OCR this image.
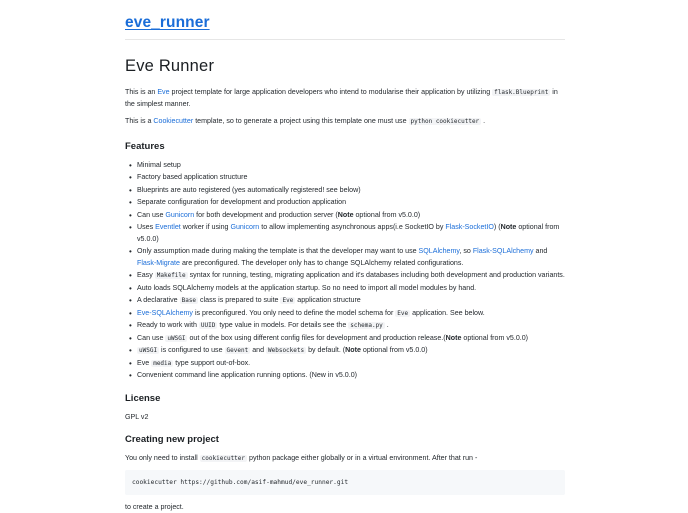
eve_runner
Eve Runner

This is an Eve project template for large application developers who intend to modularise their application by utilizing flask.Blueprint in the simplest manner.

This is a Cookiecutter template, so to generate a project using this template one must use python cookiecutter .

Features
• Minimal setup
• Factory based application structure
• Blueprints are auto registered (yes automatically registered! see below)
• Separate configuration for development and production application
• Can use Gunicorn for both development and production server (Note optional from v5.0.0)
• Uses Eventlet worker if using Gunicorn to allow implementing asynchronous apps(i.e SocketIO by Flask-SocketIO) (Note optional from v5.0.0)
• Only assumption made during making the template is that the developer may want to use SQLAlchemy, so Flask-SQLAlchemy and Flask-Migrate are preconfigured. The developer only has to change SQLAlchemy related configurations.
• Easy Makefile syntax for running, testing, migrating application and it's databases including both development and production variants.
• Auto loads SQLAlchemy models at the application startup. So no need to import all model modules by hand.
• A declarative Base class is prepared to suite Eve application structure
• Eve-SQLAlchemy is preconfigured. You only need to define the model schema for Eve application. See below.
• Ready to work with UUID type value in models. For details see the schema.py .
• Can use uWSGI out of the box using different config files for development and production release.(Note optional from v5.0.0)
• uWSGI is configured to use Gevent and Websockets by default. (Note optional from v5.0.0)
• Eve media type support out-of-box.
• Convenient command line application running options. (New in v5.0.0)
License

GPL v2

Creating new project

You only need to install cookiecutter python package either globally or in a virtual environment. After that run -

cookiecutter https://github.com/asif-mahmud/eve_runner.git

to create a project.
